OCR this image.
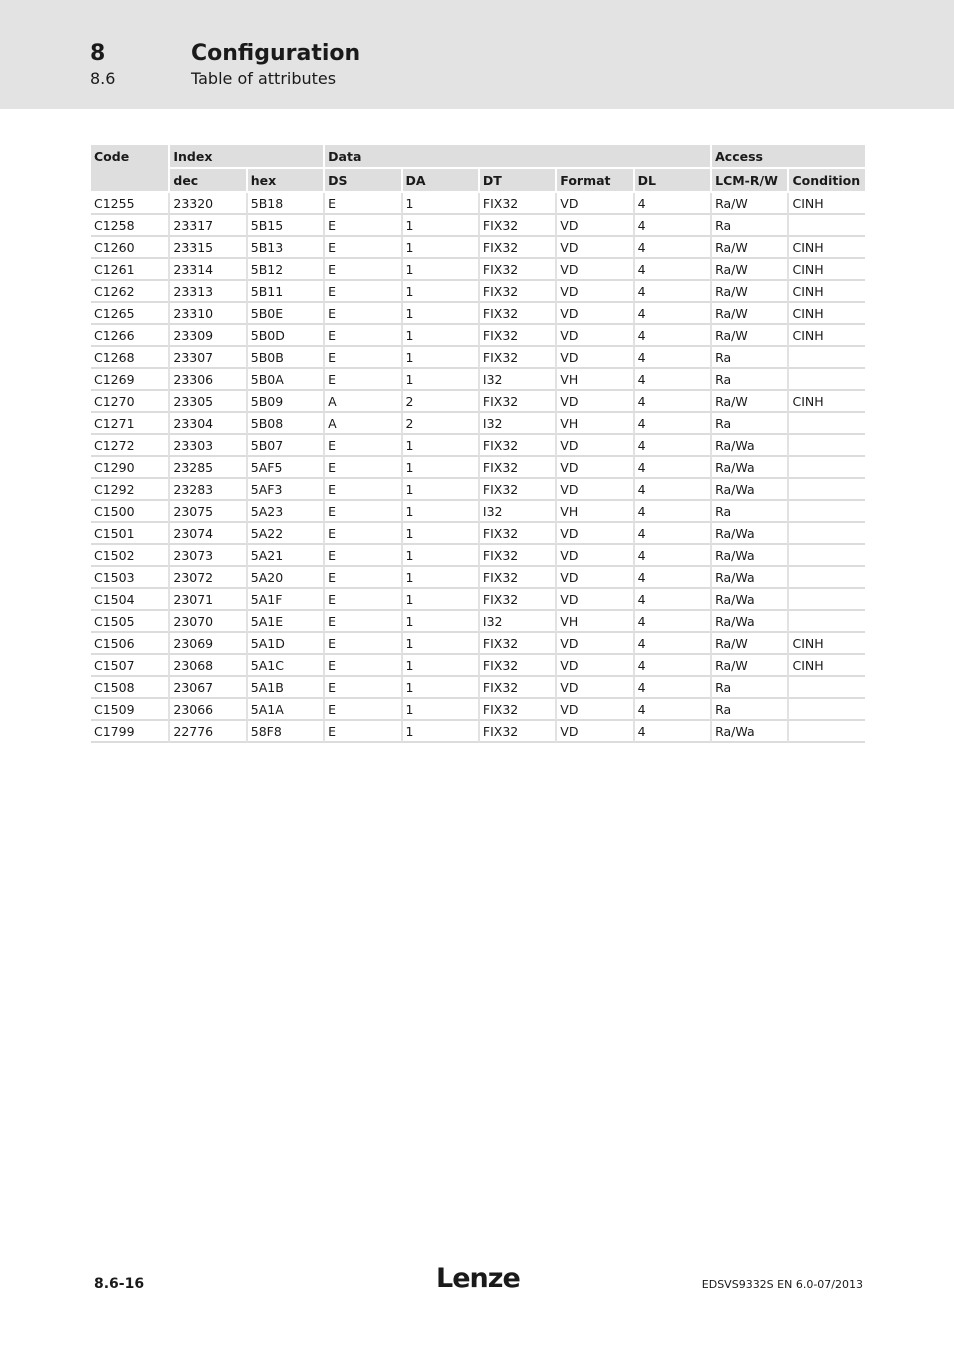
8	Configuration
8.6	Table of attributes
Code	Index		Data					Access	
	dec	hex	DS	DA	DT	Format	DL	LCM-R/W	Condition
C1255	23320	5B18	E	1	FIX32	VD	4	Ra/W	CINH
C1258	23317	5B15	E	1	FIX32	VD	4	Ra	
C1260	23315	5B13	E	1	FIX32	VD	4	Ra/W	CINH
C1261	23314	5B12	E	1	FIX32	VD	4	Ra/W	CINH
C1262	23313	5B11	E	1	FIX32	VD	4	Ra/W	CINH
C1265	23310	5B0E	E	1	FIX32	VD	4	Ra/W	CINH
C1266	23309	5B0D	E	1	FIX32	VD	4	Ra/W	CINH
C1268	23307	5B0B	E	1	FIX32	VD	4	Ra	
C1269	23306	5B0A	E	1	I32	VH	4	Ra	
C1270	23305	5B09	A	2	FIX32	VD	4	Ra/W	CINH
C1271	23304	5B08	A	2	I32	VH	4	Ra	
C1272	23303	5B07	E	1	FIX32	VD	4	Ra/Wa	
C1290	23285	5AF5	E	1	FIX32	VD	4	Ra/Wa	
C1292	23283	5AF3	E	1	FIX32	VD	4	Ra/Wa	
C1500	23075	5A23	E	1	I32	VH	4	Ra	
C1501	23074	5A22	E	1	FIX32	VD	4	Ra/Wa	
C1502	23073	5A21	E	1	FIX32	VD	4	Ra/Wa	
C1503	23072	5A20	E	1	FIX32	VD	4	Ra/Wa	
C1504	23071	5A1F	E	1	FIX32	VD	4	Ra/Wa	
C1505	23070	5A1E	E	1	I32	VH	4	Ra/Wa	
C1506	23069	5A1D	E	1	FIX32	VD	4	Ra/W	CINH
C1507	23068	5A1C	E	1	FIX32	VD	4	Ra/W	CINH
C1508	23067	5A1B	E	1	FIX32	VD	4	Ra	
C1509	23066	5A1A	E	1	FIX32	VD	4	Ra	
C1799	22776	58F8	E	1	FIX32	VD	4	Ra/Wa	
8.6-16	Lenze	EDSVS9332S EN 6.0-07/2013
